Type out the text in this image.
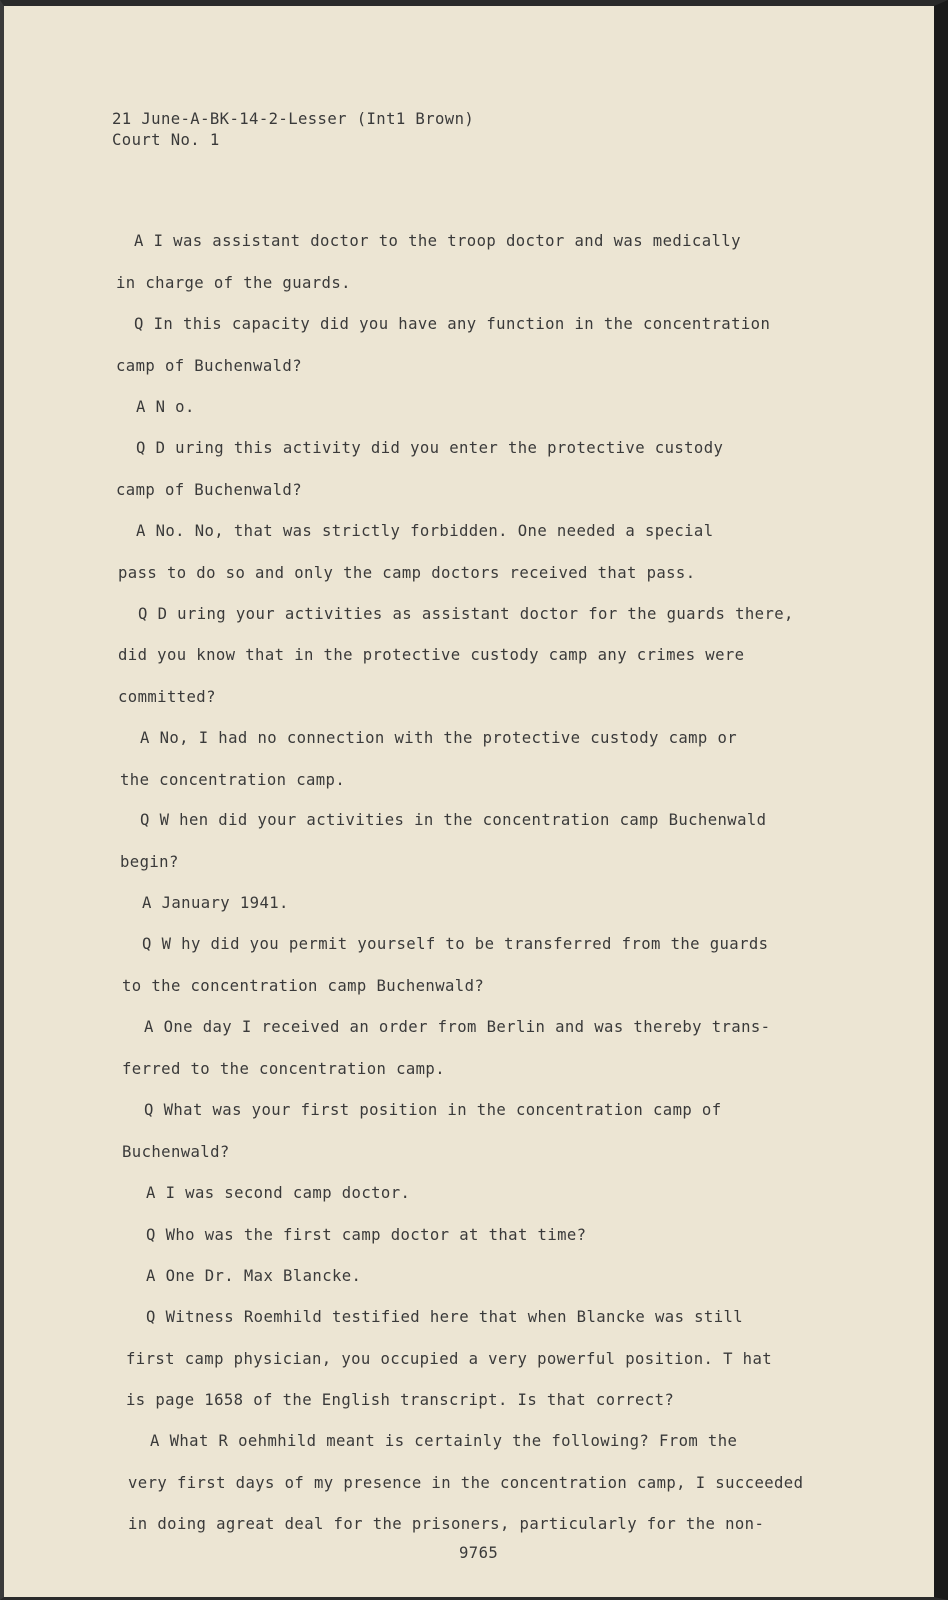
21 June-A-BK-14-2-Lesser (Int1 Brown)
Court No. 1
A I was assistant doctor to the troop doctor and was medically
in charge of the guards.
Q In this capacity did you have any function in the concentration
camp of Buchenwald?
A N o.
Q D uring this activity did you enter the protective custody
camp of Buchenwald?
A No. No, that was strictly forbidden. One needed a special
pass to do so and only the camp doctors received that pass.
Q D uring your activities as assistant doctor for the guards there,
did you know that in the protective custody camp any crimes were
committed?
A No, I had no connection with the protective custody camp or
the concentration camp.
Q W hen did your activities in the concentration camp Buchenwald
begin?
A January 1941.
Q W hy did you permit yourself to be transferred from the guards
to the concentration camp Buchenwald?
A One day I received an order from Berlin and was thereby trans-
ferred to the concentration camp.
Q What was your first position in the concentration camp of
Buchenwald?
A I was second camp doctor.
Q Who was the first camp doctor at that time?
A One Dr. Max Blancke.
Q Witness Roemhild testified here that when Blancke was still
first camp physician, you occupied a very powerful position. T hat
is page 1658 of the English transcript. Is that correct?
A What R oehmhild meant is certainly the following? From the
very first days of my presence in the concentration camp, I succeeded
in doing agreat deal for the prisoners, particularly for the non-
9765
